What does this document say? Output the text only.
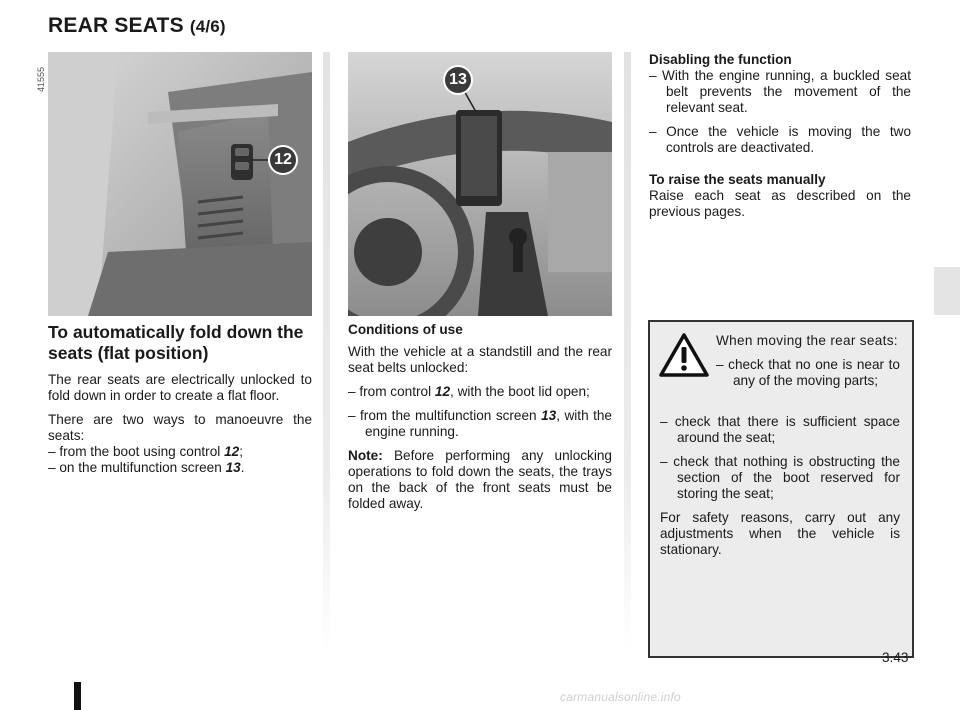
REAR SEATS (4/6)
41555
12
13
To automatically fold down the seats (flat position)

The rear seats are electrically unlocked to fold down in order to create a flat floor.

There are two ways to manoeuvre the seats:

– from the boot using control 12;
– on the multifunction screen 13.

Conditions of use

With the vehicle at a standstill and the rear seat belts unlocked:

– from control 12, with the boot lid open;

– from the multifunction screen 13, with the engine running.

Note: Before performing any unlocking operations to fold down the seats, the trays on the back of the front seats must be folded away.

Disabling the function

– With the engine running, a buckled seat belt prevents the movement of the relevant seat.

– Once the vehicle is moving the two controls are deactivated.

To raise the seats manually

Raise each seat as described on the previous pages.

When moving the rear seats:

– check that no one is near to any of the moving parts;

– check that there is sufficient space around the seat;

– check that nothing is obstructing the section of the boot reserved for storing the seat;

For safety reasons, carry out any adjustments when the vehicle is stationary.

3.43
carmanualsonline.info
